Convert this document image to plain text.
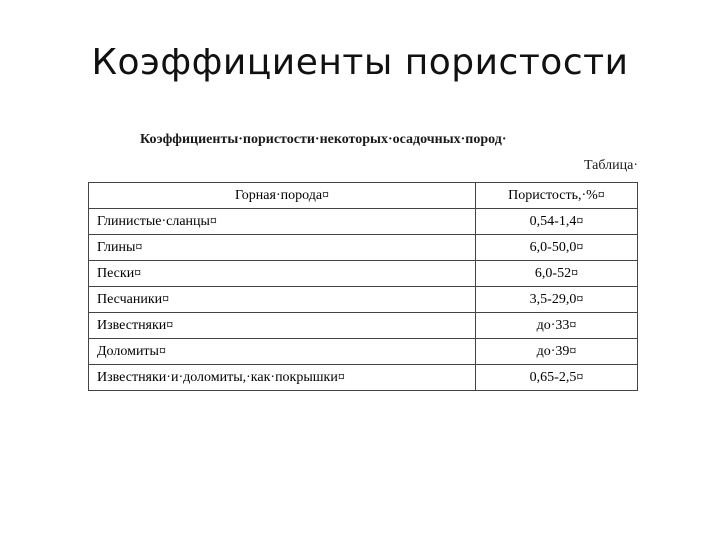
Коэффициенты пористости
Коэффициенты·пористости·некоторых·осадочных·пород·
Таблица·
Горная·порода¤	Пористость,·%¤
Глинистые·сланцы¤	0,54-1,4¤
Глины¤	6,0-50,0¤
Пески¤	6,0-52¤
Песчаники¤	3,5-29,0¤
Известняки¤	до·33¤
Доломиты¤	до·39¤
Известняки·и·доломиты,·как·покрышки¤	0,65-2,5¤
